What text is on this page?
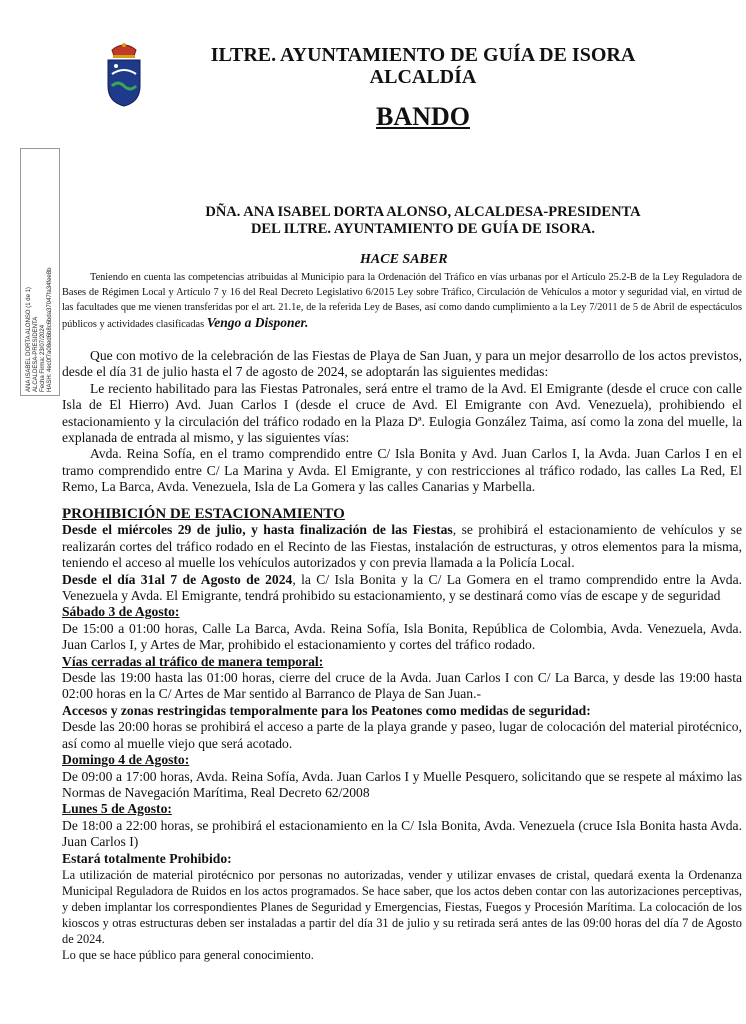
ILTRE. AYUNTAMIENTO DE GUÍA DE ISORA
ALCALDÍA
BANDO
ANA ISABEL DORTA ALONSO (1 de 1) ALCALDESA-PRESIDENTA Fecha Firma: 23/07/2024 HASH: 4ec0f7a08ed6b8c6bda37047fa34fee8b
DÑA. ANA ISABEL DORTA ALONSO, ALCALDESA-PRESIDENTA
DEL ILTRE. AYUNTAMIENTO DE GUÍA DE ISORA.
HACE SABER
Teniendo en cuenta las competencias atribuidas al Municipio para la Ordenación del Tráfico en vías urbanas por el Artículo 25.2-B de la Ley Reguladora de Bases de Régimen Local y Artículo 7 y 16 del Real Decreto Legislativo 6/2015 Ley sobre Tráfico, Circulación de Vehículos a motor y seguridad vial, en virtud de las facultades que me vienen transferidas por el art. 21.1e, de la referida Ley de Bases, así como dando cumplimiento a la Ley 7/2011 de 5 de Abril de espectáculos públicos y actividades clasificadas Vengo a Disponer.

Que con motivo de la celebración de las Fiestas de Playa de San Juan, y para un mejor desarrollo de los actos previstos, desde el día 31 de julio hasta el 7 de agosto de 2024, se adoptarán las siguientes medidas:

Le reciento habilitado para las Fiestas Patronales, será entre el tramo de la Avd. El Emigrante (desde el cruce con calle Isla de El Hierro) Avd. Juan Carlos I (desde el cruce de Avd. El Emigrante con Avd. Venezuela), prohibiendo el estacionamiento y la circulación del tráfico rodado en la Plaza Dª. Eulogia González Taima, así como la zona del muelle, la explanada de entrada al mismo, y las siguientes vías:

Avda. Reina Sofía, en el tramo comprendido entre C/ Isla Bonita y Avd. Juan Carlos I, la Avda. Juan Carlos I en el tramo comprendido entre C/ La Marina y Avda. El Emigrante, y con restricciones al tráfico rodado, las calles La Red, El Remo, La Barca, Avda. Venezuela, Isla de La Gomera y las calles Canarias y Marbella.

PROHIBICIÓN DE ESTACIONAMIENTO

Desde el miércoles 29 de julio, y hasta finalización de las Fiestas, se prohibirá el estacionamiento de vehículos y se realizarán cortes del tráfico rodado en el Recinto de las Fiestas, instalación de estructuras, y otros elementos para la misma, teniendo el acceso al muelle los vehículos autorizados y con previa llamada a la Policía Local.

Desde el día 31al 7 de Agosto de 2024, la C/ Isla Bonita y la C/ La Gomera en el tramo comprendido entre la Avda. Venezuela y Avda. El Emigrante, tendrá prohibido su estacionamiento, y se destinará como vías de escape y de seguridad

Sábado 3 de Agosto:

De 15:00 a 01:00 horas, Calle La Barca, Avda. Reina Sofía, Isla Bonita, República de Colombia, Avda. Venezuela, Avda. Juan Carlos I, y Artes de Mar, prohibido el estacionamiento y cortes del tráfico rodado.

Vías cerradas al tráfico de manera temporal:

Desde las 19:00 hasta las 01:00 horas, cierre del cruce de la Avda. Juan Carlos I con C/ La Barca, y desde las 19:00 hasta 02:00 horas en la C/ Artes de Mar sentido al Barranco de Playa de San Juan.-

Accesos y zonas restringidas temporalmente para los Peatones como medidas de seguridad:

Desde las 20:00 horas se prohibirá el acceso a parte de la playa grande y paseo, lugar de colocación del material pirotécnico, así como al muelle viejo que será acotado.

Domingo 4 de Agosto:

De 09:00 a 17:00 horas, Avda. Reina Sofía, Avda. Juan Carlos I y Muelle Pesquero, solicitando que se respete al máximo las Normas de Navegación Marítima, Real Decreto 62/2008

Lunes 5 de Agosto:

De 18:00 a 22:00 horas, se prohibirá el estacionamiento en la C/ Isla Bonita, Avda. Venezuela (cruce Isla Bonita hasta Avda. Juan Carlos I)

Estará totalmente Prohibido:

La utilización de material pirotécnico por personas no autorizadas, vender y utilizar envases de cristal, quedará exenta la Ordenanza Municipal Reguladora de Ruidos en los actos programados. Se hace saber, que los actos deben contar con las autorizaciones perceptivas, y deben implantar los correspondientes Planes de Seguridad y Emergencias, Fiestas, Fuegos y Procesión Marítima. La colocación de los kioscos y otras estructuras deben ser instaladas a partir del día 31 de julio y su retirada será antes de las 09:00 horas del día 7 de Agosto de 2024.

Lo que se hace público para general conocimiento.
